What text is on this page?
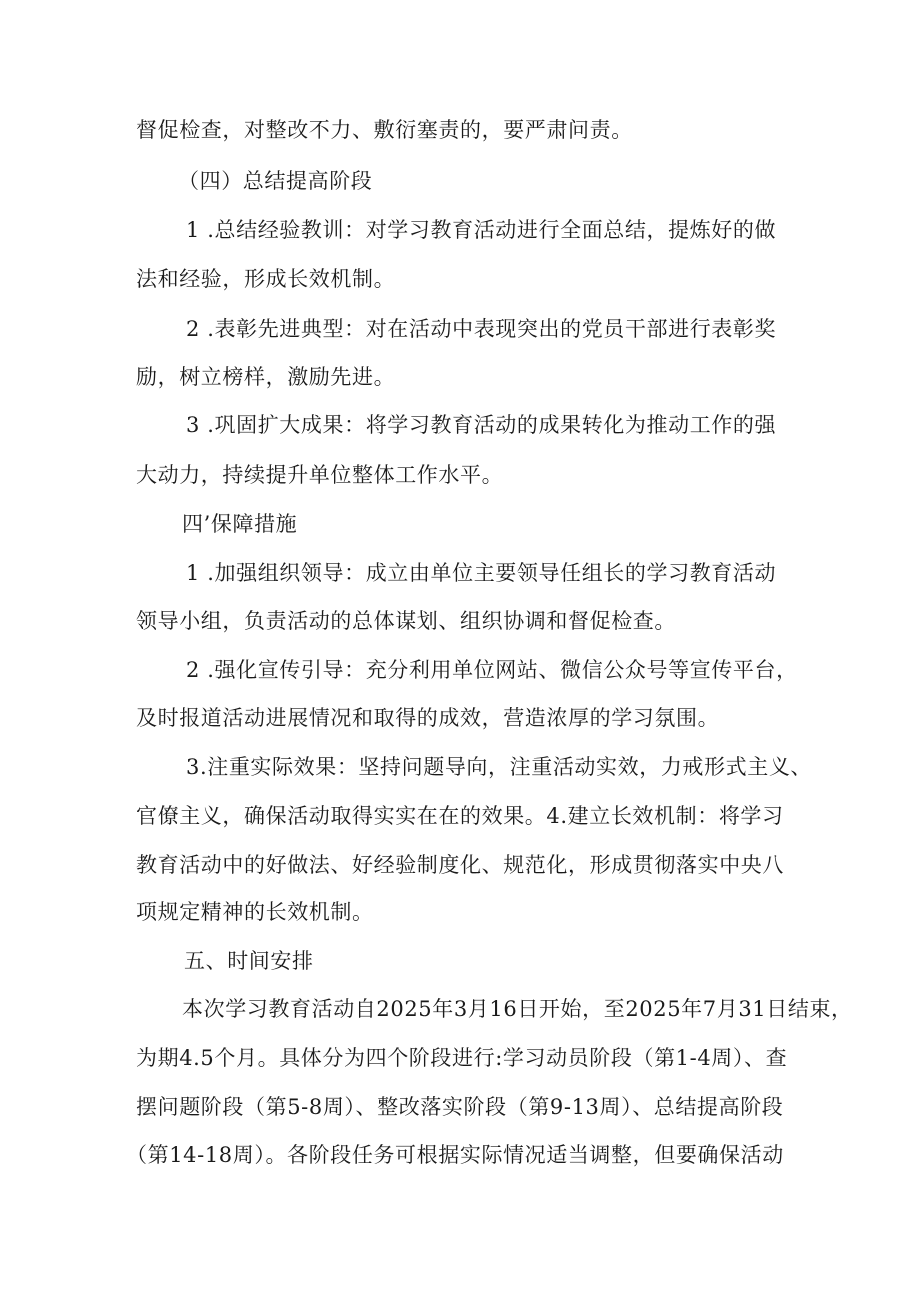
督促检查，对整改不力、敷衍塞责的，要严肃问责。
（四）总结提高阶段
1 .总结经验教训：对学习教育活动进行全面总结，提炼好的做
法和经验，形成长效机制。
2 .表彰先进典型：对在活动中表现突出的党员干部进行表彰奖
励，树立榜样，激励先进。
3 .巩固扩大成果：将学习教育活动的成果转化为推动工作的强
大动力，持续提升单位整体工作水平。
四’保障措施
1 .加强组织领导：成立由单位主要领导任组长的学习教育活动
领导小组，负责活动的总体谋划、组织协调和督促检查。
2 .强化宣传引导：充分利用单位网站、微信公众号等宣传平台，
及时报道活动进展情况和取得的成效，营造浓厚的学习氛围。
3.注重实际效果：坚持问题导向，注重活动实效，力戒形式主义、
官僚主义，确保活动取得实实在在的效果。4.建立长效机制：将学习
教育活动中的好做法、好经验制度化、规范化，形成贯彻落实中央八
项规定精神的长效机制。
五、时间安排
本次学习教育活动自2025年3月16日开始，至2025年7月31日结束，
为期4.5个月。具体分为四个阶段进行:学习动员阶段（第1-4周）、查
摆问题阶段（第5-8周）、整改落实阶段（第9-13周）、总结提高阶段
（第14-18周）。各阶段任务可根据实际情况适当调整，但要确保活动
